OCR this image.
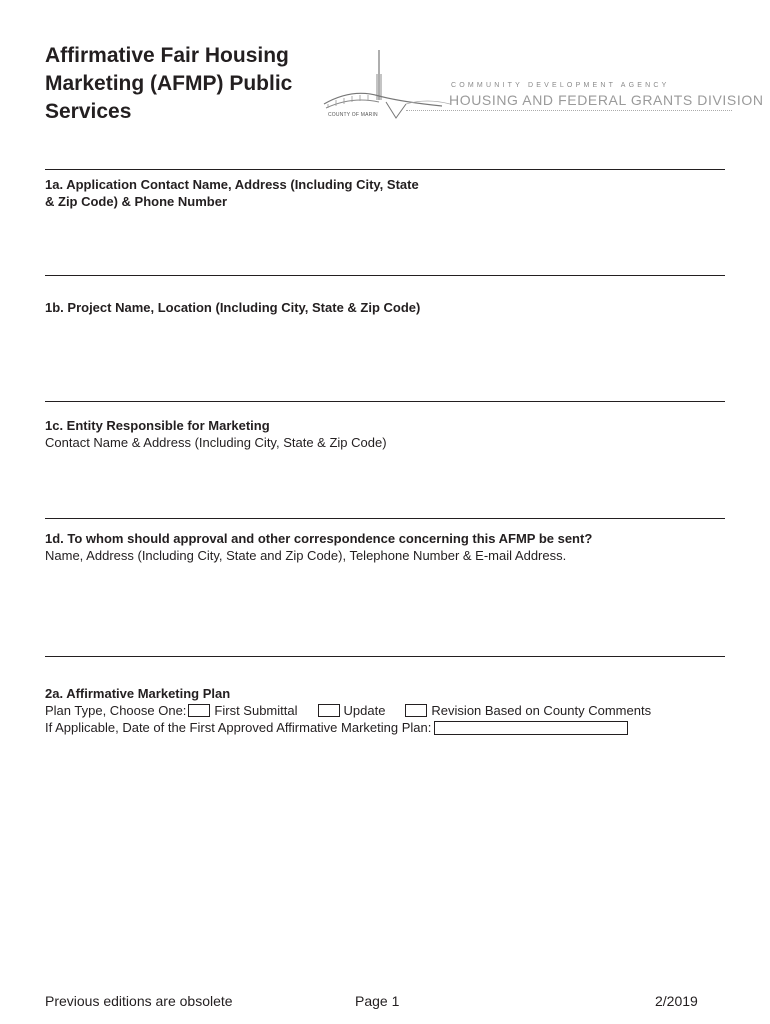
Affirmative Fair Housing
Marketing (AFMP) Public
Services	COUNTY OF MARIN
COMMUNITY DEVELOPMENT AGENCY
HOUSING AND FEDERAL GRANTS DIVISION
1a. Application Contact Name, Address (Including City, State
& Zip Code) & Phone Number
1b. Project Name, Location (Including City, State & Zip Code)
1c. Entity Responsible for Marketing
Contact Name & Address (Including City, State & Zip Code)
1d. To whom should approval and other correspondence concerning this AFMP be sent?
Name, Address (Including City, State and Zip Code), Telephone Number & E-mail Address.
2a. Affirmative Marketing Plan
Plan Type, Choose One: First Submittal	Update	Revision Based on County Comments
If Applicable, Date of the First Approved Affirmative Marketing Plan:
Previous editions are obsolete	Page 1	2/2019
